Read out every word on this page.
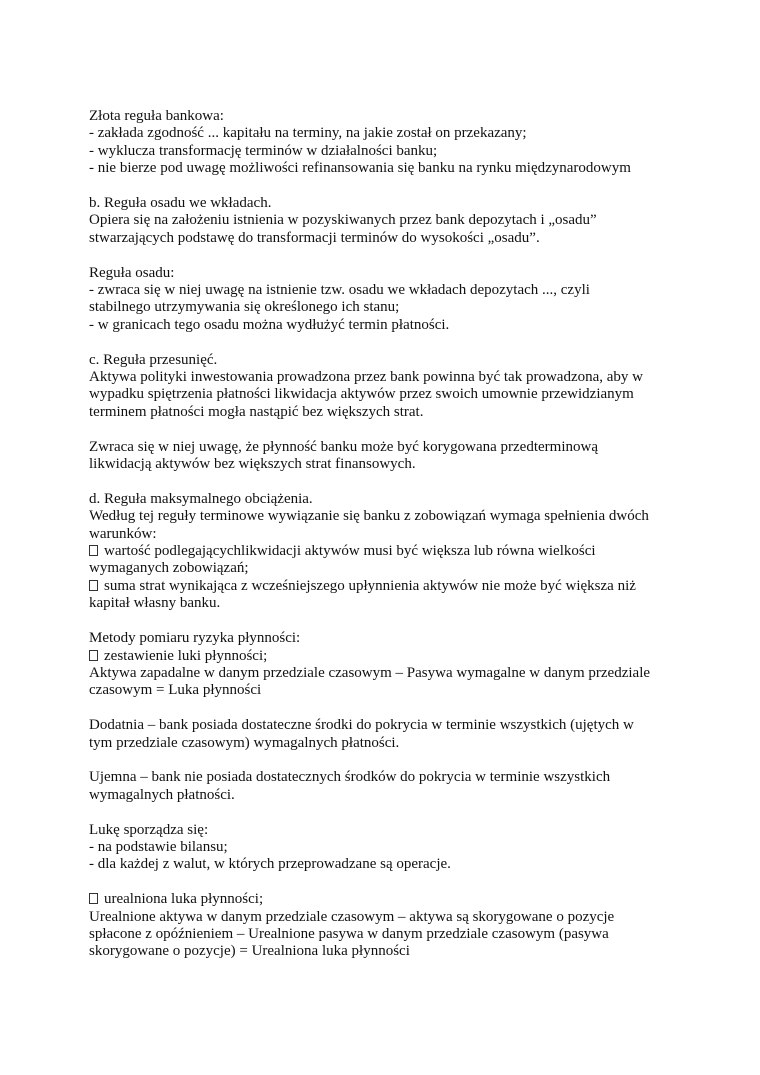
Złota reguła bankowa:
- zakłada zgodność ... kapitału na terminy, na jakie został on przekazany;
- wyklucza transformację terminów w działalności banku;
- nie bierze pod uwagę możliwości refinansowania się banku na rynku międzynarodowym
b. Reguła osadu we wkładach.
Opiera się na założeniu istnienia w pozyskiwanych przez bank depozytach i „osadu”
stwarzających podstawę do transformacji terminów do wysokości „osadu”.
Reguła osadu:
- zwraca się w niej uwagę na istnienie tzw. osadu we wkładach depozytach ..., czyli
stabilnego utrzymywania się określonego ich stanu;
- w granicach tego osadu można wydłużyć termin płatności.
c. Reguła przesunięć.
Aktywa polityki inwestowania prowadzona przez bank powinna być tak prowadzona, aby w
wypadku spiętrzenia płatności likwidacja aktywów przez swoich umownie przewidzianym
terminem płatności mogła nastąpić bez większych strat.
Zwraca się w niej uwagę, że płynność banku może być korygowana przedterminową
likwidacją aktywów bez większych strat finansowych.
d. Reguła maksymalnego obciążenia.
Według tej reguły terminowe wywiązanie się banku z zobowiązań wymaga spełnienia dwóch
warunków:
wartość podlegającychlikwidacji aktywów musi być większa lub równa wielkości
wymaganych zobowiązań;
suma strat wynikająca z wcześniejszego upłynnienia aktywów nie może być większa niż
kapitał własny banku.
Metody pomiaru ryzyka płynności:
zestawienie luki płynności;
Aktywa zapadalne w danym przedziale czasowym – Pasywa wymagalne w danym przedziale
czasowym = Luka płynności
Dodatnia – bank posiada dostateczne środki do pokrycia w terminie wszystkich (ujętych w
tym przedziale czasowym) wymagalnych płatności.
Ujemna – bank nie posiada dostatecznych środków do pokrycia w terminie wszystkich
wymagalnych płatności.
Lukę sporządza się:
- na podstawie bilansu;
- dla każdej z walut, w których przeprowadzane są operacje.
urealniona luka płynności;
Urealnione aktywa w danym przedziale czasowym – aktywa są skorygowane o pozycje
spłacone z opóźnieniem – Urealnione pasywa w danym przedziale czasowym (pasywa
skorygowane o pozycje) = Urealniona luka płynności
